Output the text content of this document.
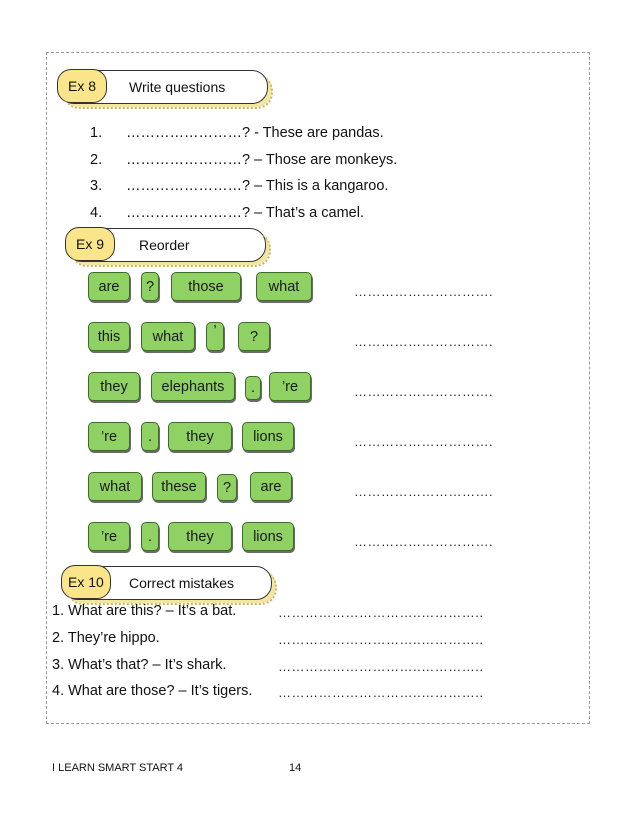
Ex 8	Write questions
1. ……………………? - These are pandas.
2. ……………………? – Those are monkeys.
3. ……………………? – This is a kangaroo.
4. ……………………? – That’s a camel.
Ex 9	Reorder
are	?	those	what	………………………….
this	what	’	?	………………………….
they	elephants	.	’re	………………………….
’re	.	they	lions	………………………….
what	these	?	are	………………………….
’re	.	they	lions	………………………….
Ex 10	Correct mistakes
1. What are this? – It’s a bat.	…………………………..…………..
2. They’re hippo.	…………………………..…………..
3. What’s that? – It’s shark.	…………………………..…………..
4. What are those? – It’s tigers. …………………………..…………..
I LEARN SMART START 4	14
